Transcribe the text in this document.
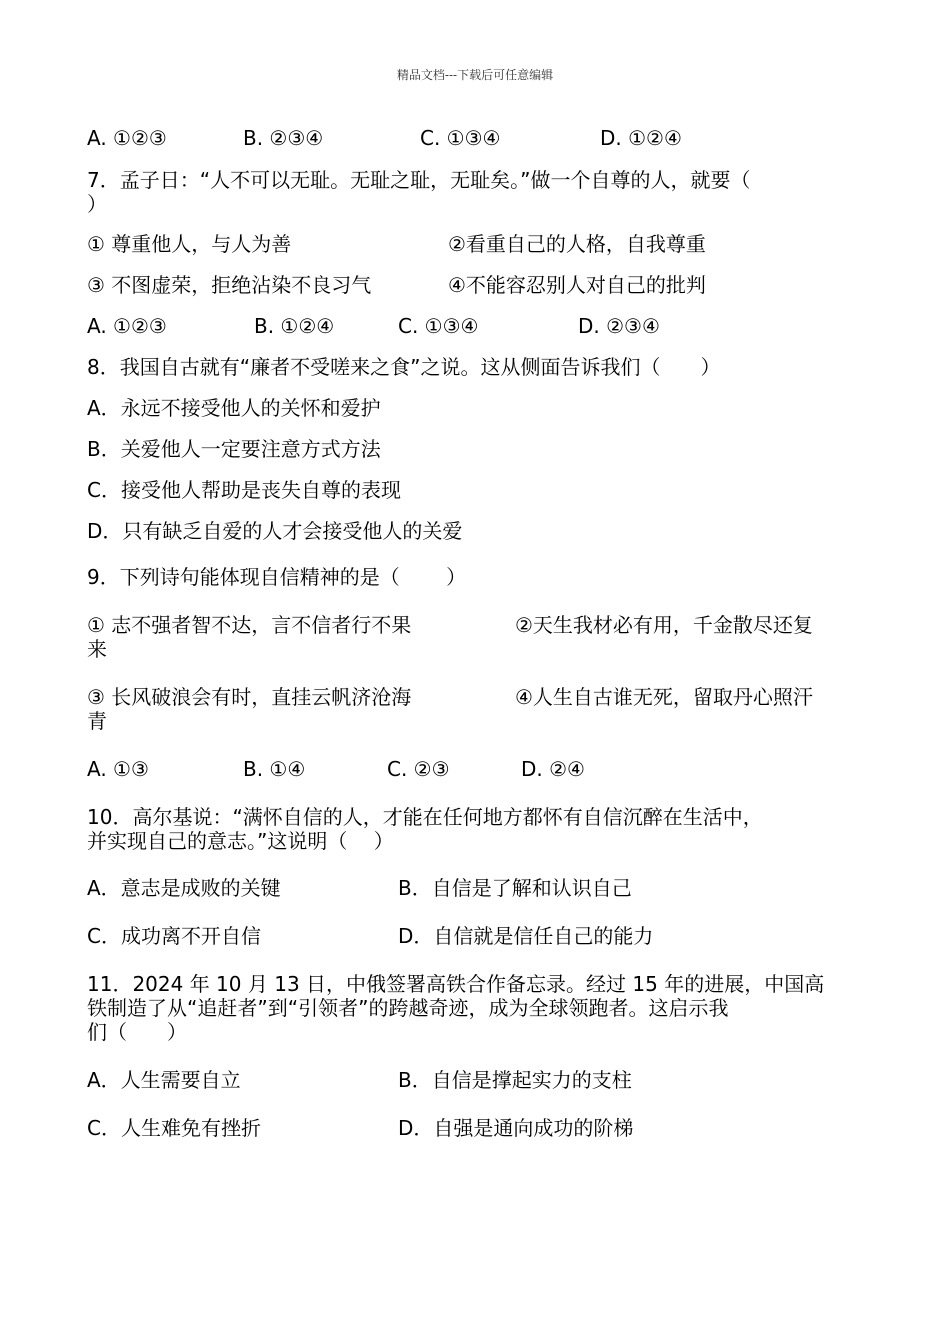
精品文档---下载后可任意编辑
A. ①②③	B. ②③④	C. ①③④	D. ①②④
7．孟子日：“人不可以无耻。无耻之耻，无耻矣。”做一个自尊的人，就要（
）
① 尊重他人，与人为善	②看重自己的人格，自我尊重
③ 不图虚荣，拒绝沾染不良习气	④不能容忍别人对自己的批判
A. ①②③	B. ①②④	C. ①③④	D. ②③④
8．我国自古就有“廉者不受嗟来之食”之说。这从侧面告诉我们（　　）
A．永远不接受他人的关怀和爱护
B．关爱他人一定要注意方式方法
C．接受他人帮助是丧失自尊的表现
D．只有缺乏自爱的人才会接受他人的关爱
9．下列诗句能体现自信精神的是（　　 ）
① 志不强者智不达，言不信者行不果	②天生我材必有用，千金散尽还复
来
③ 长风破浪会有时，直挂云帆济沧海	④人生自古谁无死，留取丹心照汗
青
A. ①③	B. ①④	C. ②③	D. ②④
10．高尔基说：“满怀自信的人，才能在任何地方都怀有自信沉醉在生活中，
并实现自己的意志。”这说明（　 ）
A．意志是成败的关键	B．自信是了解和认识自己
C．成功离不开自信	D．自信就是信任自己的能力
11．2024 年 10 月 13 日，中俄签署高铁合作备忘录。经过 15 年的进展，中国高
铁制造了从“追赶者”到“引领者”的跨越奇迹，成为全球领跑者。这启示我
们（　　）
A．人生需要自立	B．自信是撑起实力的支柱
C．人生难免有挫折	D．自强是通向成功的阶梯
